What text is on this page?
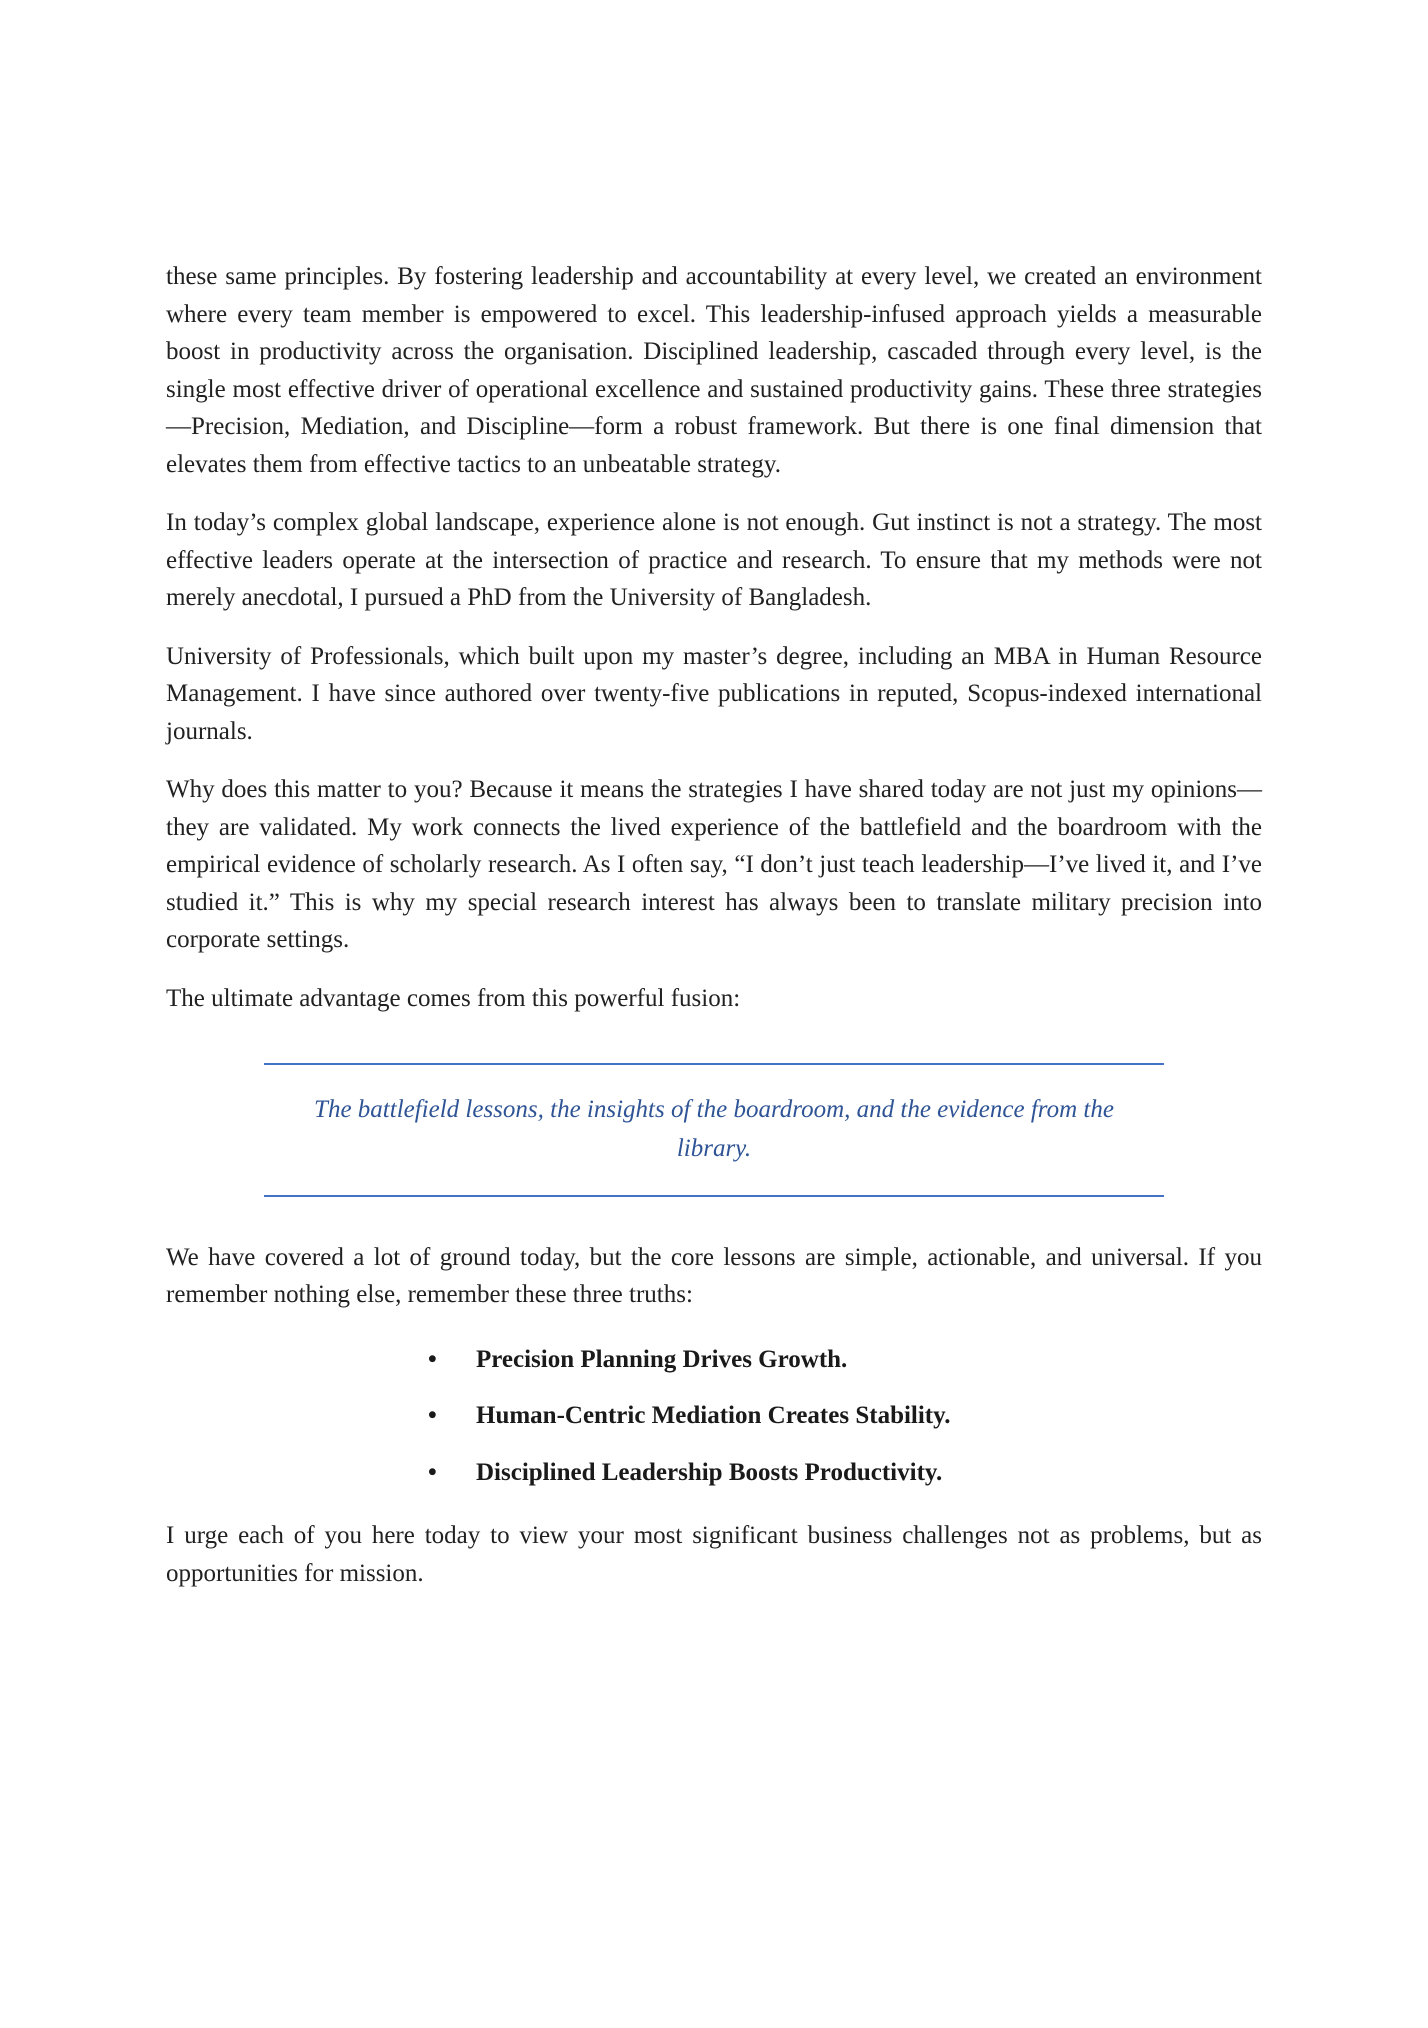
these same principles. By fostering leadership and accountability at every level, we created an environment where every team member is empowered to excel. This leadership-infused approach yields a measurable boost in productivity across the organisation. Disciplined leadership, cascaded through every level, is the single most effective driver of operational excellence and sustained productivity gains. These three strategies—Precision, Mediation, and Discipline—form a robust framework. But there is one final dimension that elevates them from effective tactics to an unbeatable strategy.

In today’s complex global landscape, experience alone is not enough. Gut instinct is not a strategy. The most effective leaders operate at the intersection of practice and research. To ensure that my methods were not merely anecdotal, I pursued a PhD from the University of Bangladesh.

University of Professionals, which built upon my master’s degree, including an MBA in Human Resource Management. I have since authored over twenty-five publications in reputed, Scopus-indexed international journals.

Why does this matter to you? Because it means the strategies I have shared today are not just my opinions—they are validated. My work connects the lived experience of the battlefield and the boardroom with the empirical evidence of scholarly research. As I often say, “I don’t just teach leadership—I’ve lived it, and I’ve studied it.” This is why my special research interest has always been to translate military precision into corporate settings.

The ultimate advantage comes from this powerful fusion:

The battlefield lessons, the insights of the boardroom, and the evidence from the library.

We have covered a lot of ground today, but the core lessons are simple, actionable, and universal. If you remember nothing else, remember these three truths:

• Precision Planning Drives Growth.
• Human-Centric Mediation Creates Stability.
• Disciplined Leadership Boosts Productivity.

I urge each of you here today to view your most significant business challenges not as problems, but as opportunities for mission.
